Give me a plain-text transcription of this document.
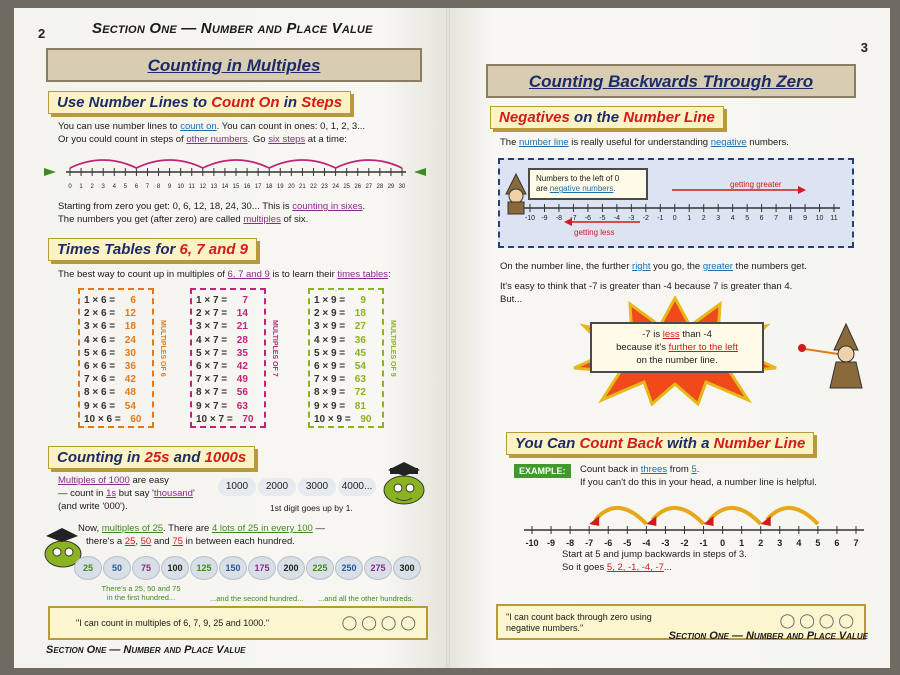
2	Section One — Number and Place Value
Counting in Multiples
Use Number Lines to Count On in Steps
You can use number lines to count on. You can count in ones: 0, 1, 2, 3...
Or you could count in steps of other numbers. Go six steps at a time:
0 1 2 3 4 5 6 7 8 9 10 11 12 13 14 15 16 17 18 19 20 21 22 23 24 25 26 27 28 29 30
Starting from zero you get: 0, 6, 12, 18, 24, 30... This is counting in sixes.
The numbers you get (after zero) are called multiples of six.
Times Tables for 6, 7 and 9
The best way to count up in multiples of 6, 7 and 9 is to learn their times tables:
1 × 6 = 6
2 × 6 = 12
3 × 6 = 18
4 × 6 = 24
5 × 6 = 30
6 × 6 = 36
7 × 6 = 42
8 × 6 = 48
9 × 6 = 54
10 × 6 = 60
MULTIPLES OF 6
1 × 7 = 7
2 × 7 = 14
3 × 7 = 21
4 × 7 = 28
5 × 7 = 35
6 × 7 = 42
7 × 7 = 49
8 × 7 = 56
9 × 7 = 63
10 × 7 = 70
MULTIPLES OF 7
1 × 9 = 9
2 × 9 = 18
3 × 9 = 27
4 × 9 = 36
5 × 9 = 45
6 × 9 = 54
7 × 9 = 63
8 × 9 = 72
9 × 9 = 81
10 × 9 = 90
MULTIPLES OF 9
Counting in 25s and 1000s
Multiples of 1000 are easy
— count in 1s but say 'thousand'
(and write '000').
1000	2000	3000	4000...
1st digit goes up by 1.
Now, multiples of 25. There are 4 lots of 25 in every 100 —
there's a 25, 50 and 75 in between each hundred.
25	50	75	100	125	150	175	200	225	250	275	300
There's a 25, 50 and 75 in the first hundred...	...and the second hundred... ...and all the other hundreds.
"I can count in multiples of 6, 7, 9, 25 and 1000."	◯ ◯ ◯ ◯
Section One — Number and Place Value
3
Counting Backwards Through Zero
Negatives on the Number Line
The number line is really useful for understanding negative numbers.
Numbers to the left of 0
are negative numbers.
-10 -9 -8 -7 -6 -5 -4 -3 -2 -1 0 1 2 3 4 5 6 7 8 9 10 11
getting greater
getting less
On the number line, the further right you go, the greater the numbers get.
It's easy to think that -7 is greater than -4 because 7 is greater than 4.
But...
-7 is less than -4
because it's further to the left
on the number line.
You Can Count Back with a Number Line
EXAMPLE:	Count back in threes from 5.
If you can't do this in your head, a number line is helpful.
-10 -9 -8 -7 -6 -5 -4 -3 -2 -1 0 1 2 3 4 5 6 7
Start at 5 and jump backwards in steps of 3.
So it goes 5, 2, -1, -4, -7...
"I can count back through zero using negative numbers."	◯ ◯ ◯ ◯
Section One — Number and Place Value
